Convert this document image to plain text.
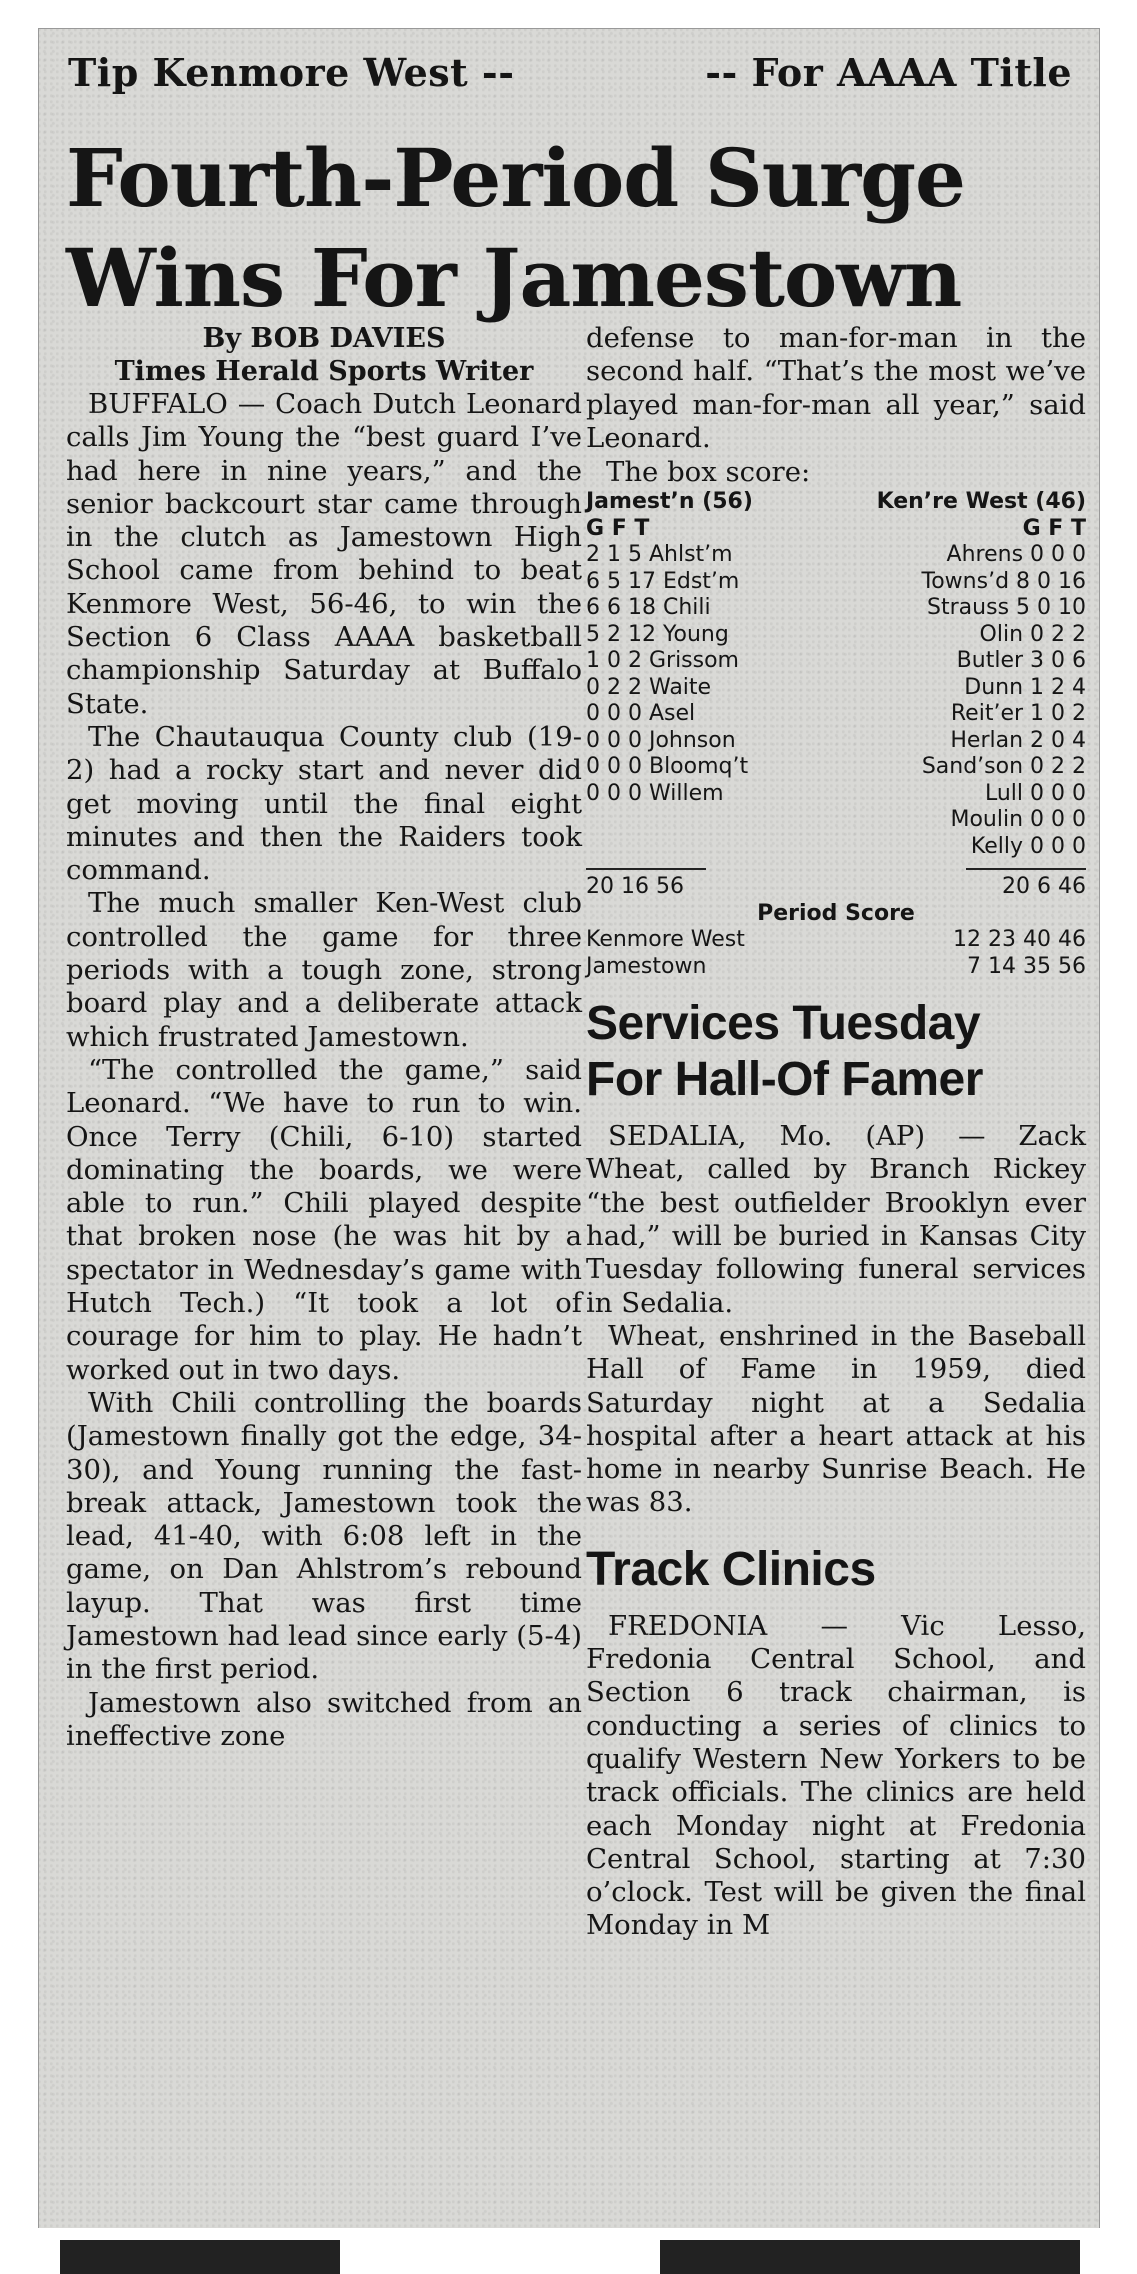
Tip Kenmore West --	-- For AAAA Title
Fourth-Period Surge
Wins For Jamestown

By BOB DAVIES

Times Herald Sports Writer

BUFFALO — Coach Dutch Leonard calls Jim Young the “best guard I’ve had here in nine years,” and the senior backcourt star came through in the clutch as Jamestown High School came from behind to beat Kenmore West, 56-46, to win the Section 6 Class AAAA basketball championship Saturday at Buffalo State.

The Chautauqua County club (19-2) had a rocky start and never did get moving until the final eight minutes and then the Raiders took command.

The much smaller Ken-West club controlled the game for three periods with a tough zone, strong board play and a deliberate attack which frustrated Jamestown.

“The controlled the game,” said Leonard. “We have to run to win. Once Terry (Chili, 6-10) started dominating the boards, we were able to run.” Chili played despite that broken nose (he was hit by a spectator in Wednesday’s game with Hutch Tech.) “It took a lot of courage for him to play. He hadn’t worked out in two days.

With Chili controlling the boards (Jamestown finally got the edge, 34-30), and Young running the fast-break attack, Jamestown took the lead, 41-40, with 6:08 left in the game, on Dan Ahlstrom’s rebound layup. That was first time Jamestown had lead since early (5-4) in the first period.

Jamestown also switched from an ineffective zone

defense to man-for-man in the second half. “That’s the most we’ve played man-for-man all year,” said Leonard.

The box score:

Jamest’n (56)	Ken’re West (46)
G F T	G F T
2 1 5 Ahlst’m
6 5 17 Edst’m
6 6 18 Chili
5 2 12 Young
1 0 2 Grissom
0 2 2 Waite
0 0 0 Asel
0 0 0 Johnson
0 0 0 Bloomq’t
0 0 0 Willem
Ahrens 0 0 0
Towns’d 8 0 16
Strauss 5 0 10
Olin 0 2 2
Butler 3 0 6
Dunn 1 2 4
Reit’er 1 0 2
Herlan 2 0 4
Sand’son 0 2 2
Lull 0 0 0
Moulin 0 0 0
Kelly 0 0 0
20 16 56	20 6 46
Period Score
Kenmore West	12 23 40 46
Jamestown	7 14 35 56
Services Tuesday
For Hall-Of Famer

SEDALIA, Mo. (AP) — Zack Wheat, called by Branch Rickey “the best outfielder Brooklyn ever had,” will be buried in Kansas City Tuesday following funeral services in Sedalia.

Wheat, enshrined in the Baseball Hall of Fame in 1959, died Saturday night at a Sedalia hospital after a heart attack at his home in nearby Sunrise Beach. He was 83.

Track Clinics

FREDONIA — Vic Lesso, Fredonia Central School, and Section 6 track chairman, is conducting a series of clinics to qualify Western New Yorkers to be track officials. The clinics are held each Monday night at Fredonia Central School, starting at 7:30 o’clock. Test will be given the final Monday in M
